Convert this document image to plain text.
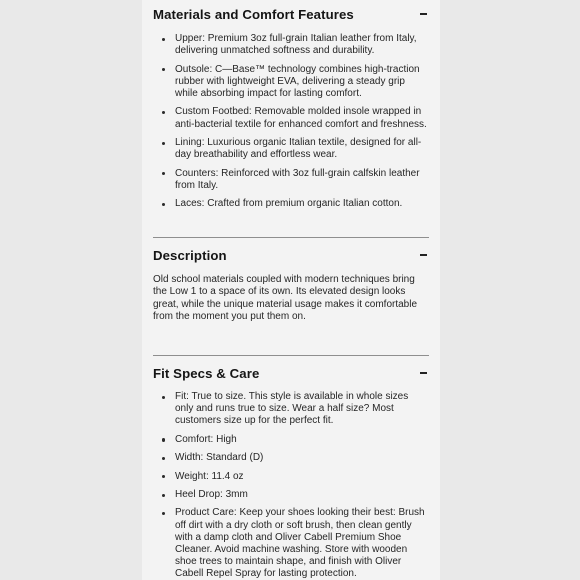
Materials and Comfort Features
Upper: Premium 3oz full-grain Italian leather from Italy, delivering unmatched softness and durability.
Outsole: C—Base™ technology combines high-traction rubber with lightweight EVA, delivering a steady grip while absorbing impact for lasting comfort.
Custom Footbed: Removable molded insole wrapped in anti-bacterial textile for enhanced comfort and freshness.
Lining: Luxurious organic Italian textile, designed for all-day breathability and effortless wear.
Counters: Reinforced with 3oz full-grain calfskin leather from Italy.
Laces: Crafted from premium organic Italian cotton.
Description

Old school materials coupled with modern techniques bring the Low 1 to a space of its own. Its elevated design looks great, while the unique material usage makes it comfortable from the moment you put them on.

Fit Specs & Care
Fit: True to size. This style is available in whole sizes only and runs true to size. Wear a half size? Most customers size up for the perfect fit.
Comfort: High
Width: Standard (D)
Weight: 11.4 oz
Heel Drop: 3mm
Product Care: Keep your shoes looking their best: Brush off dirt with a dry cloth or soft brush, then clean gently with a damp cloth and Oliver Cabell Premium Shoe Cleaner. Avoid machine washing. Store with wooden shoe trees to maintain shape, and finish with Oliver Cabell Repel Spray for lasting protection.
